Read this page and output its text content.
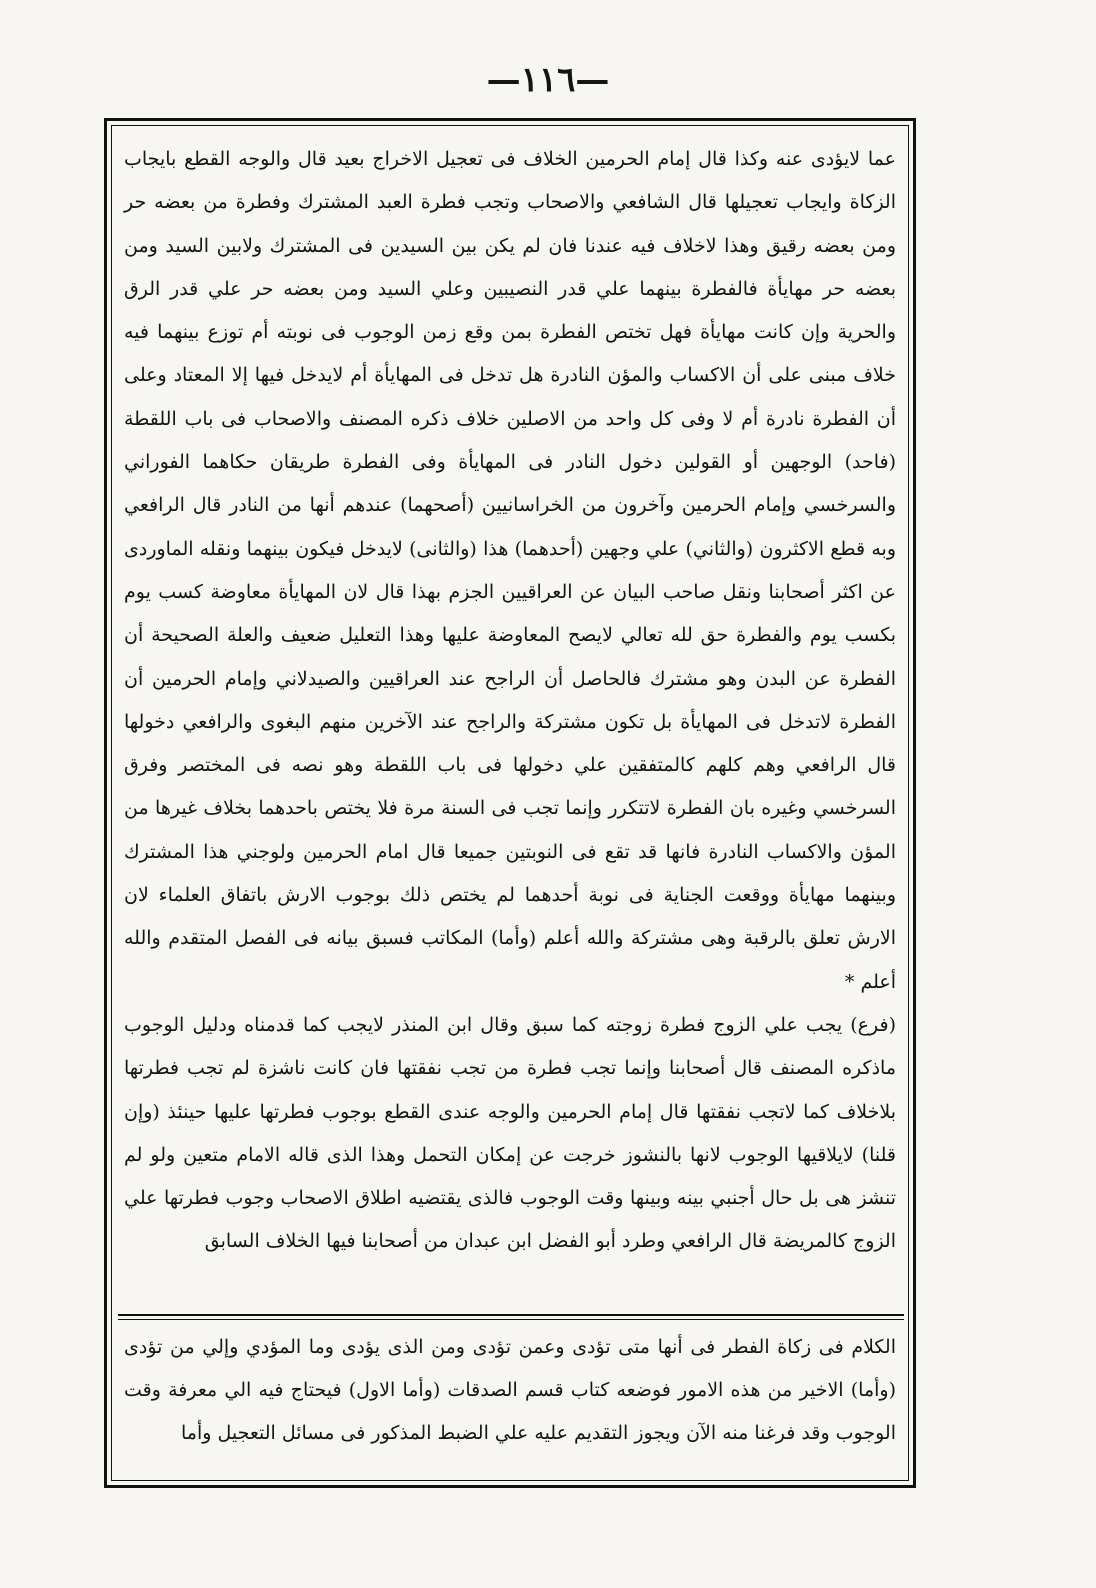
—١١٦—

عما لايؤدى عنه وكذا قال إمام الحرمين الخلاف فى تعجيل الاخراج بعيد قال والوجه القطع بايجاب الزكاة وايجاب تعجيلها قال الشافعي والاصحاب وتجب فطرة العبد المشترك وفطرة من بعضه حر ومن بعضه رقيق وهذا لاخلاف فيه عندنا فان لم يكن بين السيدين فى المشترك ولابين السيد ومن بعضه حر مهايأة فالفطرة بينهما علي قدر النصيبين وعلي السيد ومن بعضه حر علي قدر الرق والحرية وإن كانت مهايأة فهل تختص الفطرة بمن وقع زمن الوجوب فى نوبته أم توزع بينهما فيه خلاف مبنى على أن الاكساب والمؤن النادرة هل تدخل فى المهايأة أم لايدخل فيها إلا المعتاد وعلى أن الفطرة نادرة أم لا وفى كل واحد من الاصلين خلاف ذكره المصنف والاصحاب فى باب اللقطة (فاحد) الوجهين أو القولين دخول النادر فى المهايأة وفى الفطرة طريقان حكاهما الفوراني والسرخسي وإمام الحرمين وآخرون من الخراسانيين (أصحهما) عندهم أنها من النادر قال الرافعي وبه قطع الاكثرون (والثاني) علي وجهين (أحدهما) هذا (والثانى) لايدخل فيكون بينهما ونقله الماوردى عن اكثر أصحابنا ونقل صاحب البيان عن العراقيين الجزم بهذا قال لان المهايأة معاوضة كسب يوم بكسب يوم والفطرة حق لله تعالي لايصح المعاوضة عليها وهذا التعليل ضعيف والعلة الصحيحة أن الفطرة عن البدن وهو مشترك فالحاصل أن الراجح عند العراقيين والصيدلاني وإمام الحرمين أن الفطرة لاتدخل فى المهايأة بل تكون مشتركة والراجح عند الآخرين منهم البغوى والرافعي دخولها قال الرافعي وهم كلهم كالمتفقين علي دخولها فى باب اللقطة وهو نصه فى المختصر وفرق السرخسي وغيره بان الفطرة لاتتكرر وإنما تجب فى السنة مرة فلا يختص باحدهما بخلاف غيرها من المؤن والاكساب النادرة فانها قد تقع فى النوبتين جميعا قال امام الحرمين ولوجني هذا المشترك وبينهما مهايأة ووقعت الجناية فى نوبة أحدهما لم يختص ذلك بوجوب الارش باتفاق العلماء لان الارش تعلق بالرقبة وهى مشتركة والله أعلم (وأما) المكاتب فسبق بيانه فى الفصل المتقدم والله أعلم *

(فرع) يجب علي الزوج فطرة زوجته كما سبق وقال ابن المنذر لايجب كما قدمناه ودليل الوجوب ماذكره المصنف قال أصحابنا وإنما تجب فطرة من تجب نفقتها فان كانت ناشزة لم تجب فطرتها بلاخلاف كما لاتجب نفقتها قال إمام الحرمين والوجه عندى القطع بوجوب فطرتها عليها حينئذ (وإن قلنا) لايلاقيها الوجوب لانها بالنشوز خرجت عن إمكان التحمل وهذا الذى قاله الامام متعين ولو لم تنشز هى بل حال أجنبي بينه وبينها وقت الوجوب فالذى يقتضيه اطلاق الاصحاب وجوب فطرتها علي الزوج كالمريضة قال الرافعي وطرد أبو الفضل ابن عبدان من أصحابنا فيها الخلاف السابق

الكلام فى زكاة الفطر فى أنها متى تؤدى وعمن تؤدى ومن الذى يؤدى وما المؤدي وإلي من تؤدى (وأما) الاخير من هذه الامور فوضعه كتاب قسم الصدقات (وأما الاول) فيحتاج فيه الي معرفة وقت الوجوب وقد فرغنا منه الآن ويجوز التقديم عليه علي الضبط المذكور فى مسائل التعجيل وأما
